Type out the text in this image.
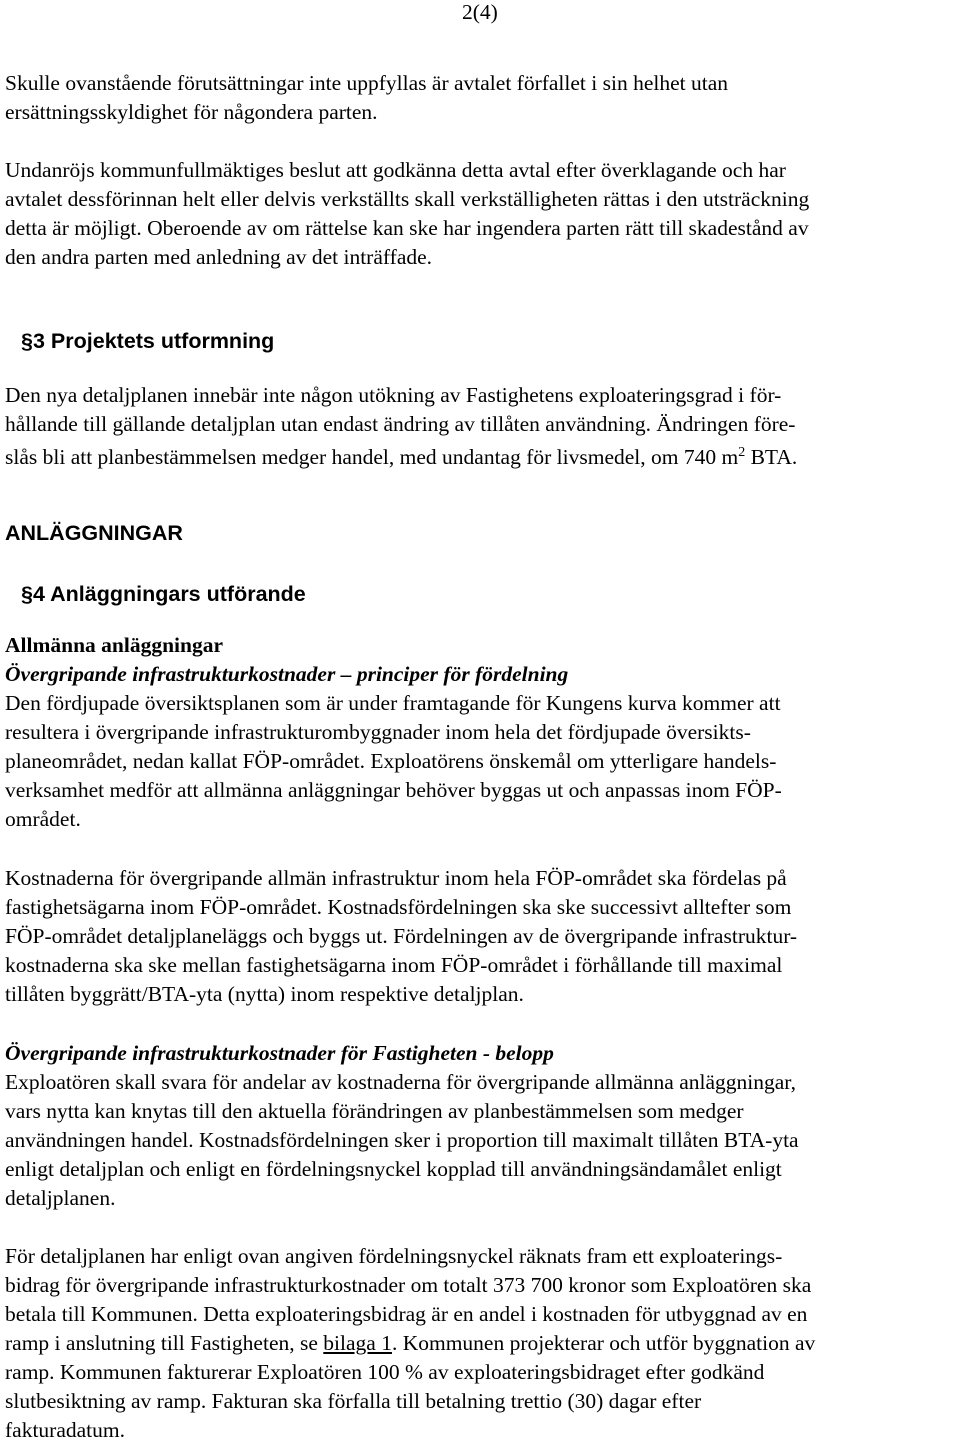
2(4)
Skulle ovanstående förutsättningar inte uppfyllas är avtalet förfallet i sin helhet utan
ersättningsskyldighet för någondera parten.
Undanröjs kommunfullmäktiges beslut att godkänna detta avtal efter överklagande och har
avtalet dessförinnan helt eller delvis verkställts skall verkställigheten rättas i den utsträckning
detta är möjligt. Oberoende av om rättelse kan ske har ingendera parten rätt till skadestånd av
den andra parten med anledning av det inträffade.
§3 Projektets utformning
Den nya detaljplanen innebär inte någon utökning av Fastighetens exploateringsgrad i för-
hållande till gällande detaljplan utan endast ändring av tillåten användning. Ändringen före-
slås bli att planbestämmelsen medger handel, med undantag för livsmedel, om 740 $m^2$ BTA.
ANLÄGGNINGAR
§4 Anläggningars utförande
Allmänna anläggningar
Övergripande infrastrukturkostnader – principer för fördelning
Den fördjupade översiktsplanen som är under framtagande för Kungens kurva kommer att
resultera i övergripande infrastrukturombyggnader inom hela det fördjupade översikts-
planeområdet, nedan kallat FÖP-området. Exploatörens önskemål om ytterligare handels-
verksamhet medför att allmänna anläggningar behöver byggas ut och anpassas inom FÖP-
området.
Kostnaderna för övergripande allmän infrastruktur inom hela FÖP-området ska fördelas på
fastighetsägarna inom FÖP-området. Kostnadsfördelningen ska ske successivt alltefter som
FÖP-området detaljplaneläggs och byggs ut. Fördelningen av de övergripande infrastruktur-
kostnaderna ska ske mellan fastighetsägarna inom FÖP-området i förhållande till maximal
tillåten byggrätt/BTA-yta (nytta) inom respektive detaljplan.
Övergripande infrastrukturkostnader för Fastigheten - belopp
Exploatören skall svara för andelar av kostnaderna för övergripande allmänna anläggningar,
vars nytta kan knytas till den aktuella förändringen av planbestämmelsen som medger
användningen handel. Kostnadsfördelningen sker i proportion till maximalt tillåten BTA-yta
enligt detaljplan och enligt en fördelningsnyckel kopplad till användningsändamålet enligt
detaljplanen.
För detaljplanen har enligt ovan angiven fördelningsnyckel räknats fram ett exploaterings-
bidrag för övergripande infrastrukturkostnader om totalt 373 700 kronor som Exploatören ska
betala till Kommunen. Detta exploateringsbidrag är en andel i kostnaden för utbyggnad av en
ramp i anslutning till Fastigheten, se bilaga 1. Kommunen projekterar och utför byggnation av
ramp. Kommunen fakturerar Exploatören 100 % av exploateringsbidraget efter godkänd
slutbesiktning av ramp. Fakturan ska förfalla till betalning trettio (30) dagar efter
fakturadatum.
